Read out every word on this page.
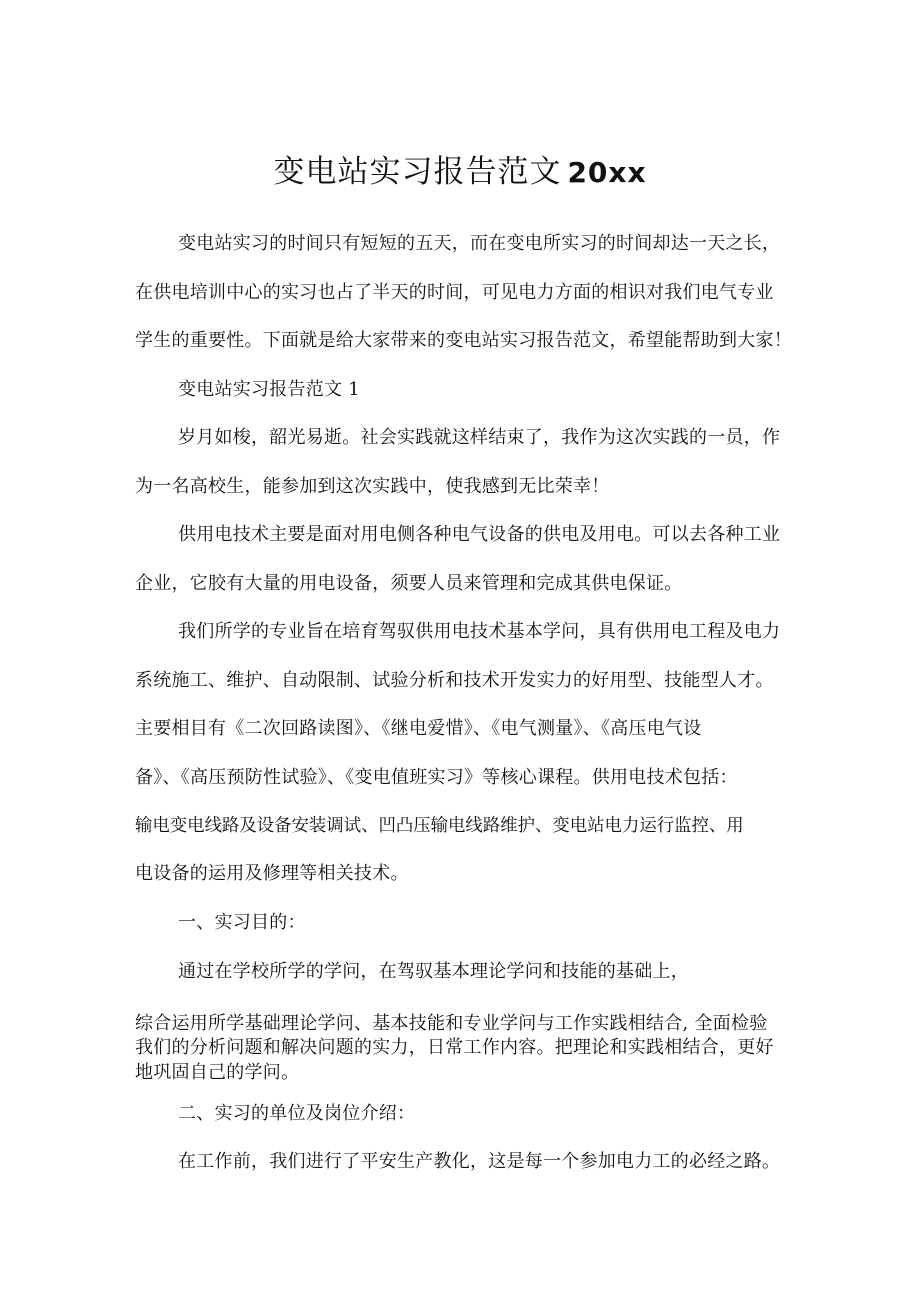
变电站实习报告范文 20xx
变电站实习的时间只有短短的五天，而在变电所实习的时间却达一天之长，
在供电培训中心的实习也占了半天的时间，可见电力方面的相识对我们电气专业
学生的重要性。下面就是给大家带来的变电站实习报告范文，希望能帮助到大家！
变电站实习报告范文 1
岁月如梭，韶光易逝。社会实践就这样结束了，我作为这次实践的一员，作
为一名高校生，能参加到这次实践中，使我感到无比荣幸！
供用电技术主要是面对用电侧各种电气设备的供电及用电。可以去各种工业
企业，它胶有大量的用电设备，须要人员来管理和完成其供电保证。
我们所学的专业旨在培育驾驭供用电技术基本学问，具有供用电工程及电力
系统施工、维护、自动限制、试验分析和技术开发实力的好用型、技能型人才。
主要相目有《二次回路读图》、《继电爱惜》、《电气测量》、《高压电气设
备》、《高压预防性试验》、《变电值班实习》等核心课程。供用电技术包括：
输电变电线路及设备安装调试、凹凸压输电线路维护、变电站电力运行监控、用
电设备的运用及修理等相关技术。
一、实习目的：
通过在学校所学的学问，在驾驭基本理论学问和技能的基础上，
综合运用所学基础理论学问、基本技能和专业学问与工作实践相结合, 全面检验
我们的分析问题和解决问题的实力，日常工作内容。把理论和实践相结合，更好
地巩固自己的学问。
二、实习的单位及岗位介绍：
在工作前，我们进行了平安生产教化，这是每一个参加电力工的必经之路。
